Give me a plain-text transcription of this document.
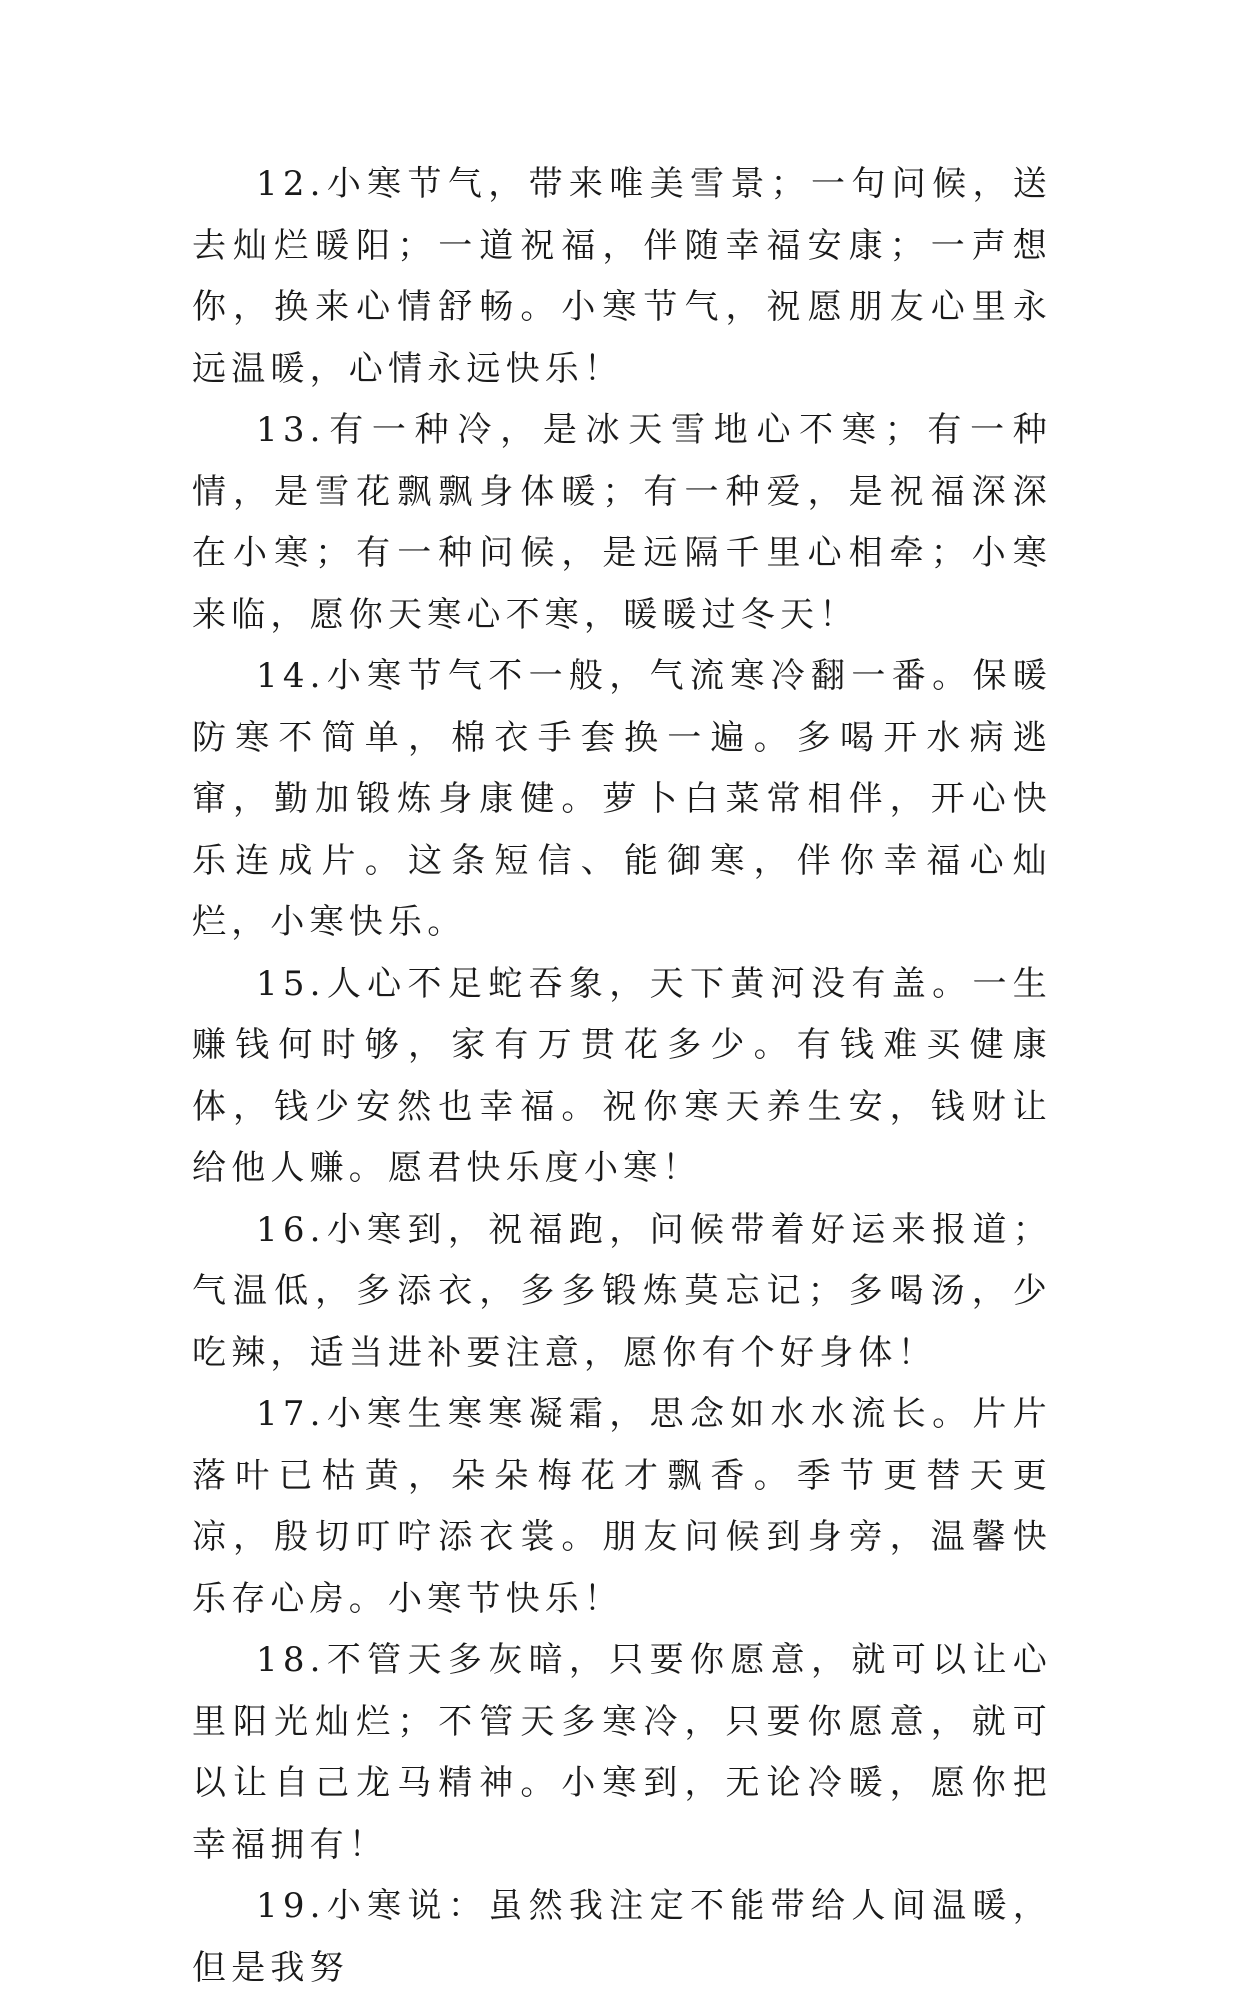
12.小寒节气，带来唯美雪景；一句问候，送去灿烂暖阳；一道祝福，伴随幸福安康；一声想你，换来心情舒畅。小寒节气，祝愿朋友心里永远温暖，心情永远快乐！

13.有一种冷，是冰天雪地心不寒；有一种情，是雪花飘飘身体暖；有一种爱，是祝福深深在小寒；有一种问候，是远隔千里心相牵；小寒来临，愿你天寒心不寒，暖暖过冬天！

14.小寒节气不一般，气流寒冷翻一番。保暖防寒不简单，棉衣手套换一遍。多喝开水病逃窜，勤加锻炼身康健。萝卜白菜常相伴，开心快乐连成片。这条短信、能御寒，伴你幸福心灿烂，小寒快乐。

15.人心不足蛇吞象，天下黄河没有盖。一生赚钱何时够，家有万贯花多少。有钱难买健康体，钱少安然也幸福。祝你寒天养生安，钱财让给他人赚。愿君快乐度小寒！

16.小寒到，祝福跑，问候带着好运来报道；气温低，多添衣，多多锻炼莫忘记；多喝汤，少吃辣，适当进补要注意，愿你有个好身体！

17.小寒生寒寒凝霜，思念如水水流长。片片落叶已枯黄，朵朵梅花才飘香。季节更替天更凉，殷切叮咛添衣裳。朋友问候到身旁，温馨快乐存心房。小寒节快乐！

18.不管天多灰暗，只要你愿意，就可以让心里阳光灿烂；不管天多寒冷，只要你愿意，就可以让自己龙马精神。小寒到，无论冷暖，愿你把幸福拥有！

19.小寒说：虽然我注定不能带给人间温暖，但是我努
